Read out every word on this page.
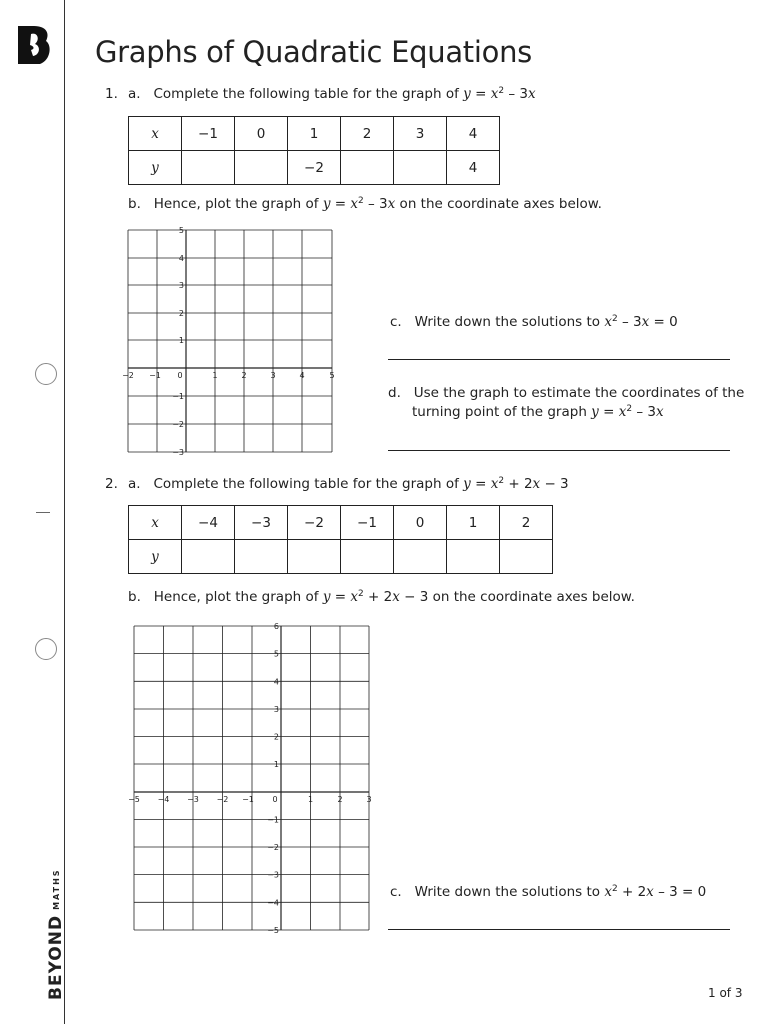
BEYONDMATHS
Graphs of Quadratic Equations
1. a. Complete the following table for the graph of $y = x^2 - 3x$
x	−1	0	1	2	3	4
y			−2			4
b. Hence, plot the graph of $y = x^2 - 3x$ on the coordinate axes below.
−2 −1 0	1	2	3	4	5
5
4
3
2
1
−1
−2
−3
c. Write down the solutions to $x^2 - 3x = 0$
d. Use the graph to estimate the coordinates of the
turning point of the graph $y = x^2 - 3x$
2. a. Complete the following table for the graph of $y = x^2 + 2x - 3$
x	−4	−3	−2	−1	0	1	2
y							
b. Hence, plot the graph of $y = x^2 + 2x - 3$ on the coordinate axes below.
−5 −4 −3 −2 −1 0	1	2	3
6
5
4
3
2
1
−1
−2
−3
−4
−5
c. Write down the solutions to $x^2 + 2x - 3 = 0$
1 of 3
